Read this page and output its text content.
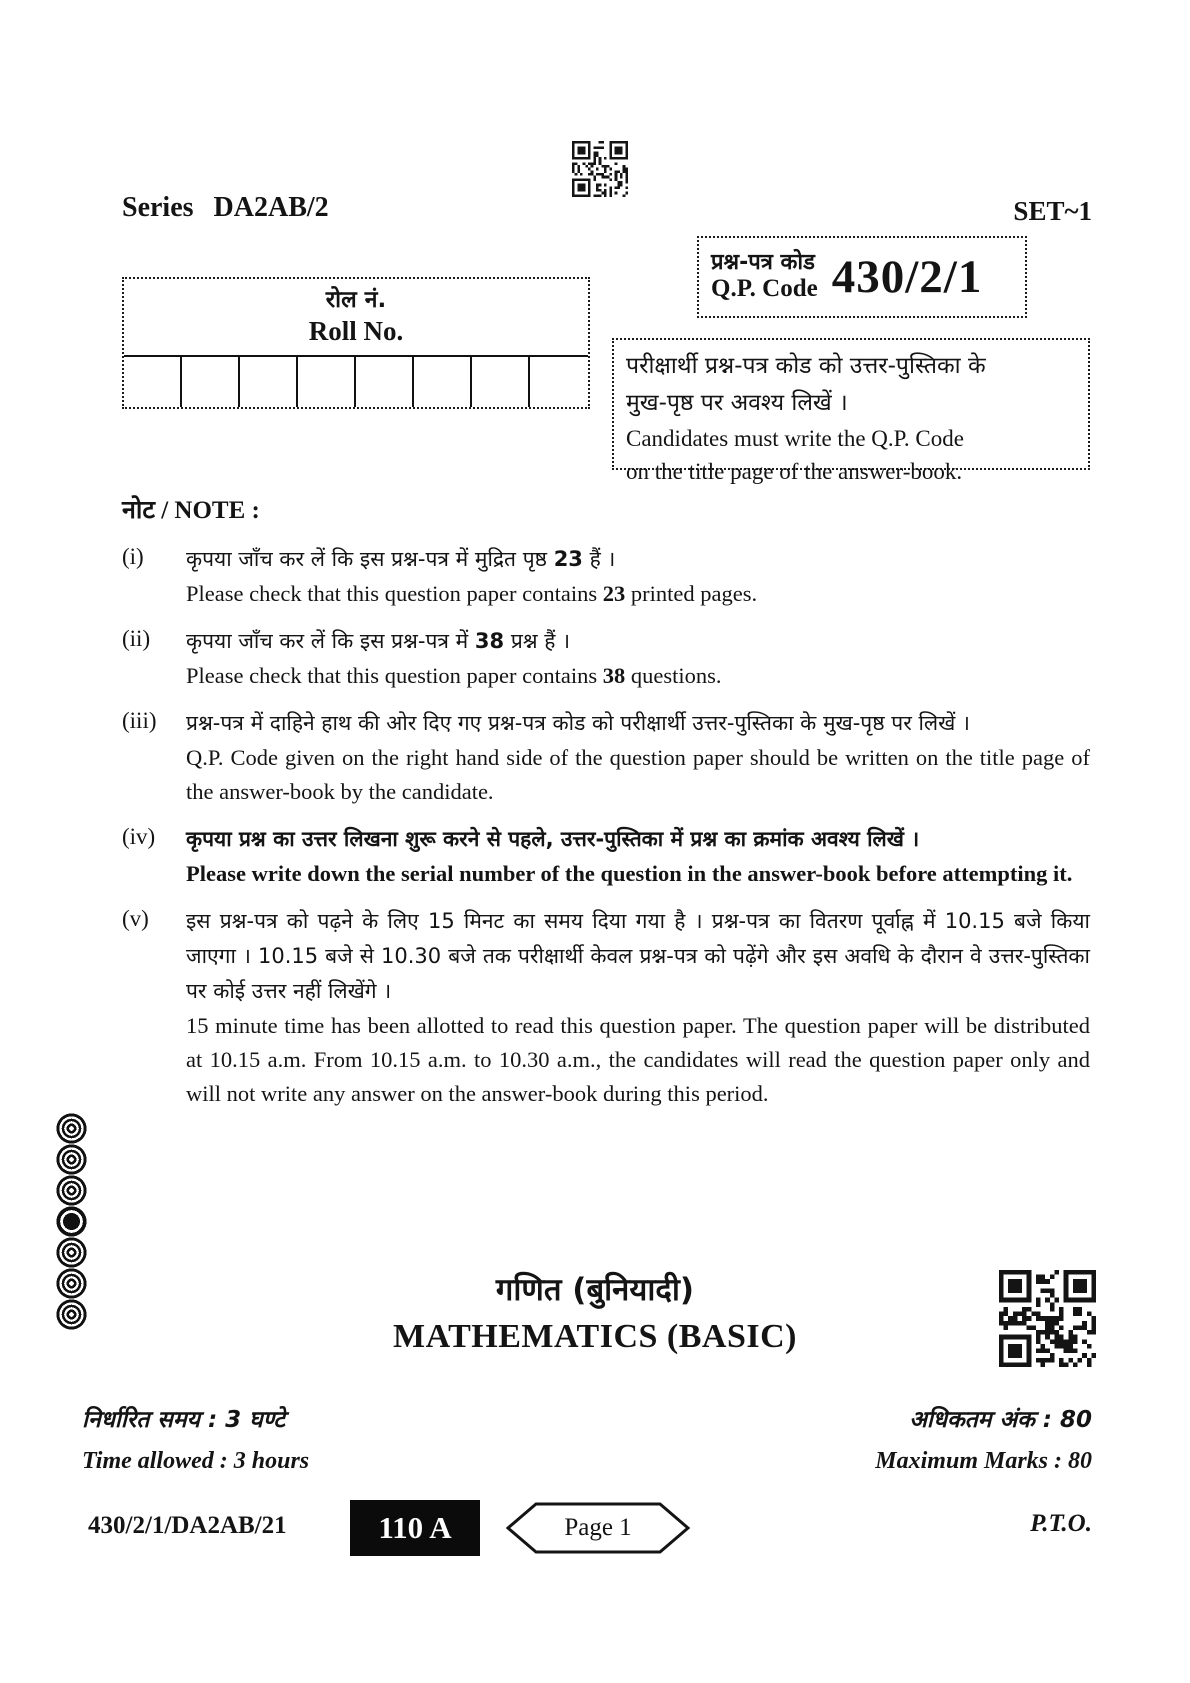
Series DA2AB/2	SET~1
प्रश्न-पत्र कोड
Q.P. Code 430/2/1
रोल नं.
Roll No.
परीक्षार्थी प्रश्न-पत्र कोड को उत्तर-पुस्तिका के
मुख-पृष्ठ पर अवश्य लिखें ।
Candidates must write the Q.P. Code
on the title page of the answer-book.

नोट / NOTE :

(i)	कृपया जाँच कर लें कि इस प्रश्न-पत्र में मुद्रित पृष्ठ 23 हैं ।

Please check that this question paper contains 23 printed pages.

(ii)	कृपया जाँच कर लें कि इस प्रश्न-पत्र में 38 प्रश्न हैं ।

Please check that this question paper contains 38 questions.

(iii)	प्रश्न-पत्र में दाहिने हाथ की ओर दिए गए प्रश्न-पत्र कोड को परीक्षार्थी उत्तर-पुस्तिका के मुख-पृष्ठ पर लिखें ।

Q.P. Code given on the right hand side of the question paper should be written on the title page of the answer-book by the candidate.

(iv)	कृपया प्रश्न का उत्तर लिखना शुरू करने से पहले, उत्तर-पुस्तिका में प्रश्न का क्रमांक अवश्य लिखें ।

Please write down the serial number of the question in the answer-book before attempting it.

(v)	इस प्रश्न-पत्र को पढ़ने के लिए 15 मिनट का समय दिया गया है । प्रश्न-पत्र का वितरण पूर्वाह्न में 10.15 बजे किया जाएगा । 10.15 बजे से 10.30 बजे तक परीक्षार्थी केवल प्रश्न-पत्र को पढ़ेंगे और इस अवधि के दौरान वे उत्तर-पुस्तिका पर कोई उत्तर नहीं लिखेंगे ।

15 minute time has been allotted to read this question paper. The question paper will be distributed at 10.15 a.m. From 10.15 a.m. to 10.30 a.m., the candidates will read the question paper only and will not write any answer on the answer-book during this period.

गणित (बुनियादी)
MATHEMATICS (BASIC)
निर्धारित समय : 3 घण्टे	अधिकतम अंक : 80
Time allowed : 3 hours	Maximum Marks : 80
430/2/1/DA2AB/21	110 A	Page 1	P.T.O.
